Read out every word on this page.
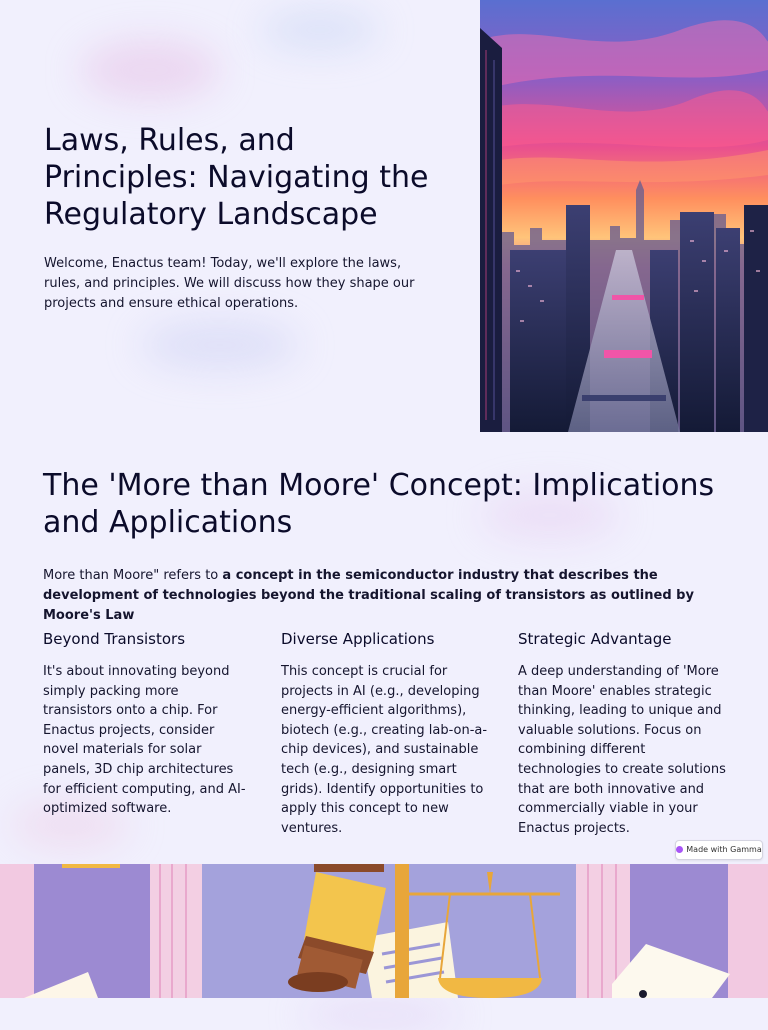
Laws, Rules, and Principles: Navigating the Regulatory Landscape

Welcome, Enactus team! Today, we'll explore the laws, rules, and principles. We will discuss how they shape our projects and ensure ethical operations.

The 'More than Moore' Concept: Implications and Applications

More than Moore" refers to a concept in the semiconductor industry that describes the development of technologies beyond the traditional scaling of transistors as outlined by Moore's Law

Beyond Transistors

It's about innovating beyond simply packing more transistors onto a chip. For Enactus projects, consider novel materials for solar panels, 3D chip architectures for efficient computing, and AI-optimized software.

Diverse Applications

This concept is crucial for projects in AI (e.g., developing energy-efficient algorithms), biotech (e.g., creating lab-on-a-chip devices), and sustainable tech (e.g., designing smart grids). Identify opportunities to apply this concept to new ventures.

Strategic Advantage

A deep understanding of 'More than Moore' enables strategic thinking, leading to unique and valuable solutions. Focus on combining different technologies to create solutions that are both innovative and commercially viable in your Enactus projects.

Made with Gamma
